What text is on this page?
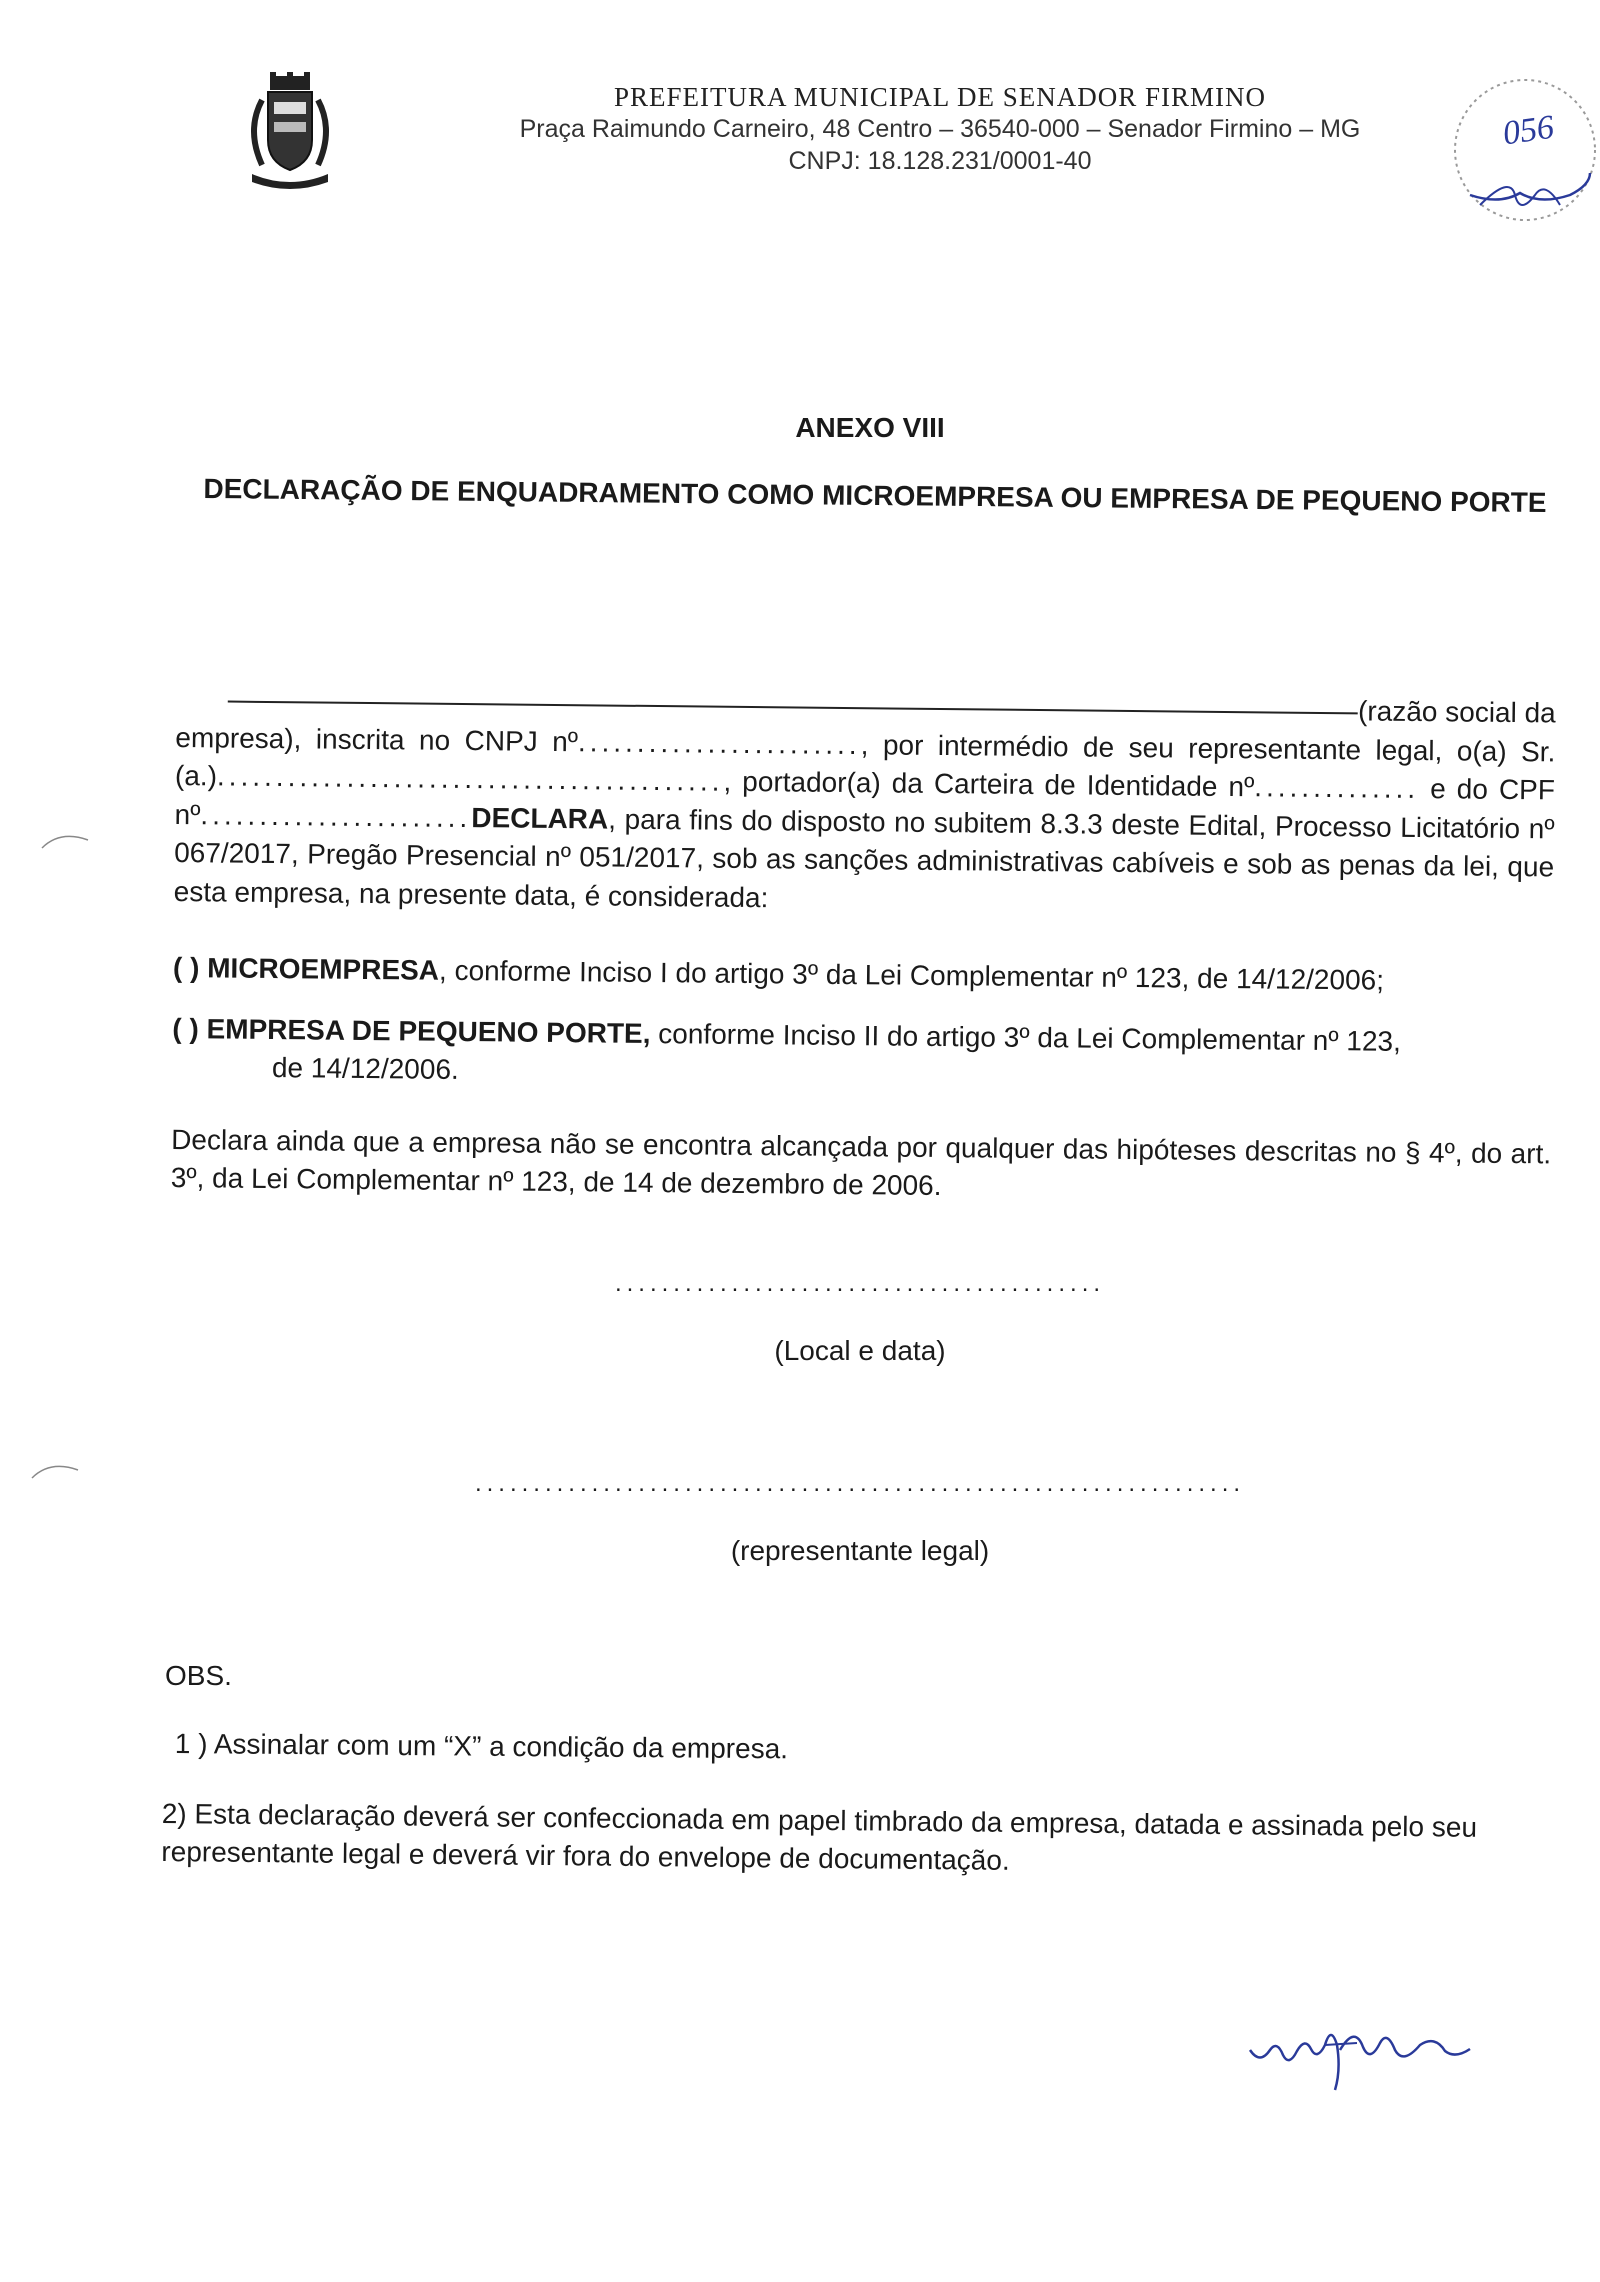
PREFEITURA MUNICIPAL DE SENADOR FIRMINO
Praça Raimundo Carneiro, 48 Centro – 36540-000 – Senador Firmino – MG
CNPJ: 18.128.231/0001-40
056
ANEXO VIII
DECLARAÇÃO DE ENQUADRAMENTO COMO MICROEMPRESA OU EMPRESA DE PEQUENO PORTE

(razão social da

empresa), inscrita no CNPJ nº........................, por intermédio de seu representante legal, o(a) Sr.(a.)..........................................., portador(a) da Carteira de Identidade nº.............. e do CPF nº.......................DECLARA, para fins do disposto no subitem 8.3.3 deste Edital, Processo Licitatório nº 067/2017, Pregão Presencial nº 051/2017, sob as sanções administrativas cabíveis e sob as penas da lei, que esta empresa, na presente data, é considerada:

( ) MICROEMPRESA, conforme Inciso I do artigo 3º da Lei Complementar nº 123, de 14/12/2006;

( ) EMPRESA DE PEQUENO PORTE, conforme Inciso II do artigo 3º da Lei Complementar nº 123,

de 14/12/2006.

Declara ainda que a empresa não se encontra alcançada por qualquer das hipóteses descritas no § 4º, do art. 3º, da Lei Complementar nº 123, de 14 de dezembro de 2006.

..........................................
(Local e data)
..................................................................
(representante legal)
OBS.
1 ) Assinalar com um “X” a condição da empresa.
2) Esta declaração deverá ser confeccionada em papel timbrado da empresa, datada e assinada pelo seu representante legal e deverá vir fora do envelope de documentação.
